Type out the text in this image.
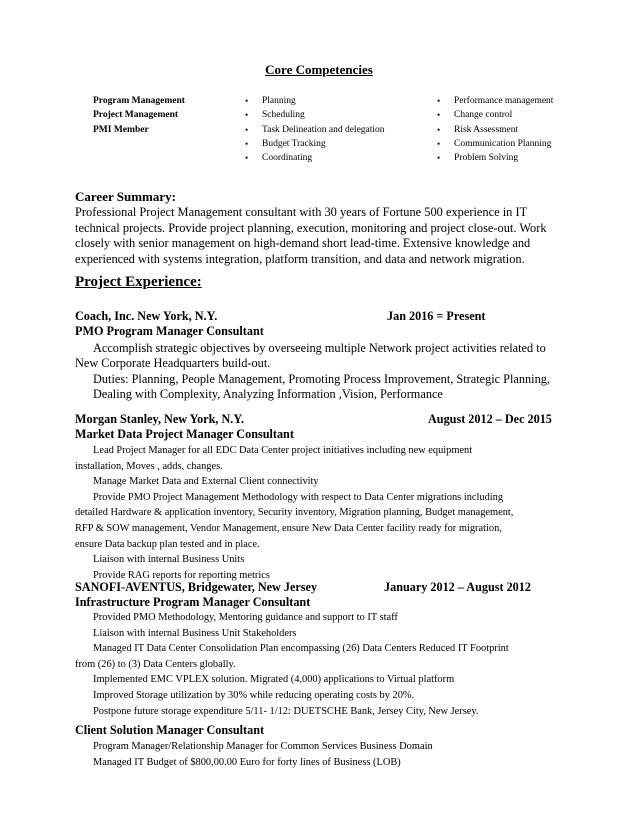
Core Competencies
Program Management
Project Management
PMI Member
• Planning
• Scheduling
• Task Delineation and delegation
• Budget Tracking
• Coordinating
• Performance management
• Change control
• Risk Assessment
• Communication Planning
• Problem Solving
Career Summary:
Professional Project Management consultant with 30 years of Fortune 500 experience in IT
technical projects. Provide project planning, execution, monitoring and project close-out. Work
closely with senior management on high-demand short lead-time. Extensive knowledge and
experienced with systems integration, platform transition, and data and network migration.
Project Experience:
Coach, Inc. New York, N.Y.
PMO Program Manager Consultant
Jan 2016 = Present
Accomplish strategic objectives by overseeing multiple Network project activities related to
New Corporate Headquarters build-out.
Duties: Planning, People Management, Promoting Process Improvement, Strategic Planning,
Dealing with Complexity, Analyzing Information ,Vision, Performance
Morgan Stanley, New York, N.Y.
Market Data Project Manager Consultant
August 2012 – Dec 2015
Lead Project Manager for all EDC Data Center project initiatives including new equipment
installation, Moves , adds, changes.
Manage Market Data and External Client connectivity
Provide PMO Project Management Methodology with respect to Data Center migrations including
detailed Hardware & application inventory, Security inventory, Migration planning, Budget management,
RFP & SOW management, Vendor Management, ensure New Data Center facility ready for migration,
ensure Data backup plan tested and in place.
Liaison with internal Business Units
Provide RAG reports for reporting metrics
SANOFI-AVENTUS, Bridgewater, New Jersey
Infrastructure Program Manager Consultant
January 2012 – August 2012
Provided PMO Methodology, Mentoring guidance and support to IT staff
Liaison with internal Business Unit Stakeholders
Managed IT Data Center Consolidation Plan encompassing (26) Data Centers Reduced IT Footprint
from (26) to (3) Data Centers globally.
Implemented EMC VPLEX solution. Migrated (4,000) applications to Virtual platform
Improved Storage utilization by 30% while reducing operating costs by 20%.
Postpone future storage expenditure 5/11- 1/12: DUETSCHE Bank, Jersey City, New Jersey.
Client Solution Manager Consultant
Program Manager/Relationship Manager for Common Services Business Domain
Managed IT Budget of $800,00.00 Euro for forty lines of Business (LOB)
